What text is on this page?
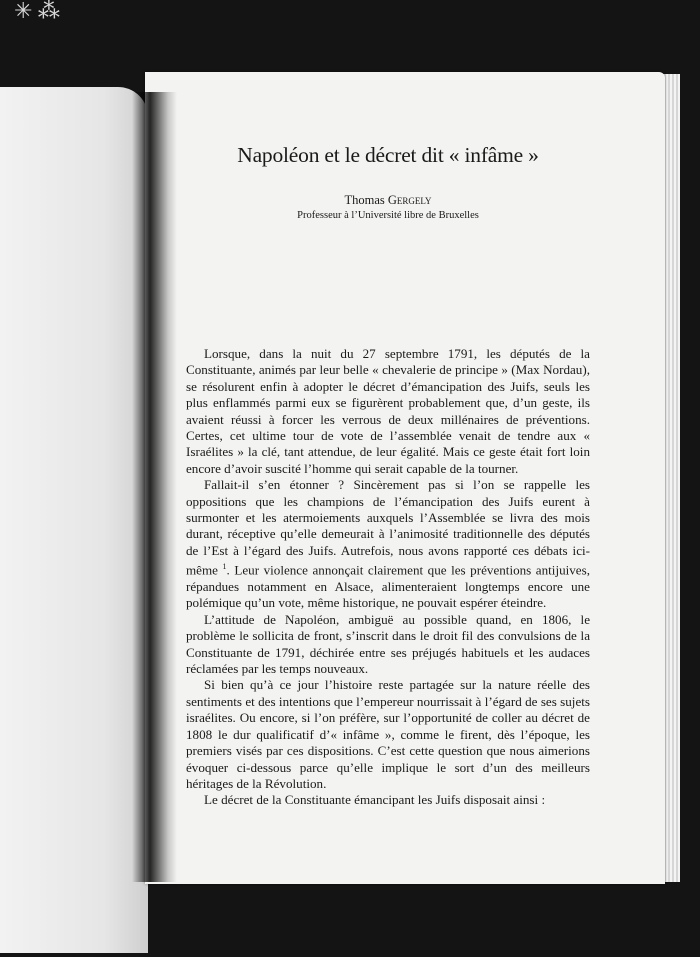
✳ ⁂

Napoléon et le décret dit « infâme »
Thomas Gergely
Professeur à l’Université libre de Bruxelles

Lorsque, dans la nuit du 27 septembre 1791, les députés de la Constituante, animés par leur belle « chevalerie de principe » (Max Nordau), se résolurent enfin à adopter le décret d’émancipation des Juifs, seuls les plus enflammés parmi eux se figurèrent probablement que, d’un geste, ils avaient réussi à forcer les verrous de deux millénaires de préventions. Certes, cet ultime tour de vote de l’assemblée venait de tendre aux « Israélites » la clé, tant attendue, de leur égalité. Mais ce geste était fort loin encore d’avoir suscité l’homme qui serait capable de la tourner.

Fallait-il s’en étonner ? Sincèrement pas si l’on se rappelle les oppositions que les champions de l’émancipation des Juifs eurent à surmonter et les atermoiements auxquels l’Assemblée se livra des mois durant, réceptive qu’elle demeurait à l’animosité traditionnelle des députés de l’Est à l’égard des Juifs. Autrefois, nous avons rapporté ces débats ici-même $^1$. Leur violence annonçait clairement que les préventions antijuives, répandues notamment en Alsace, alimenteraient longtemps encore une polémique qu’un vote, même historique, ne pouvait espérer éteindre.

L’attitude de Napoléon, ambiguë au possible quand, en 1806, le problème le sollicita de front, s’inscrit dans le droit fil des convulsions de la Constituante de 1791, déchirée entre ses préjugés habituels et les audaces réclamées par les temps nouveaux.

Si bien qu’à ce jour l’histoire reste partagée sur la nature réelle des sentiments et des intentions que l’empereur nourrissait à l’égard de ses sujets israélites. Ou encore, si l’on préfère, sur l’opportunité de coller au décret de 1808 le dur qualificatif d’« infâme », comme le firent, dès l’époque, les premiers visés par ces dispositions. C’est cette question que nous aimerions évoquer ci-dessous parce qu’elle implique le sort d’un des meilleurs héritages de la Révolution.

Le décret de la Constituante émancipant les Juifs disposait ainsi :
